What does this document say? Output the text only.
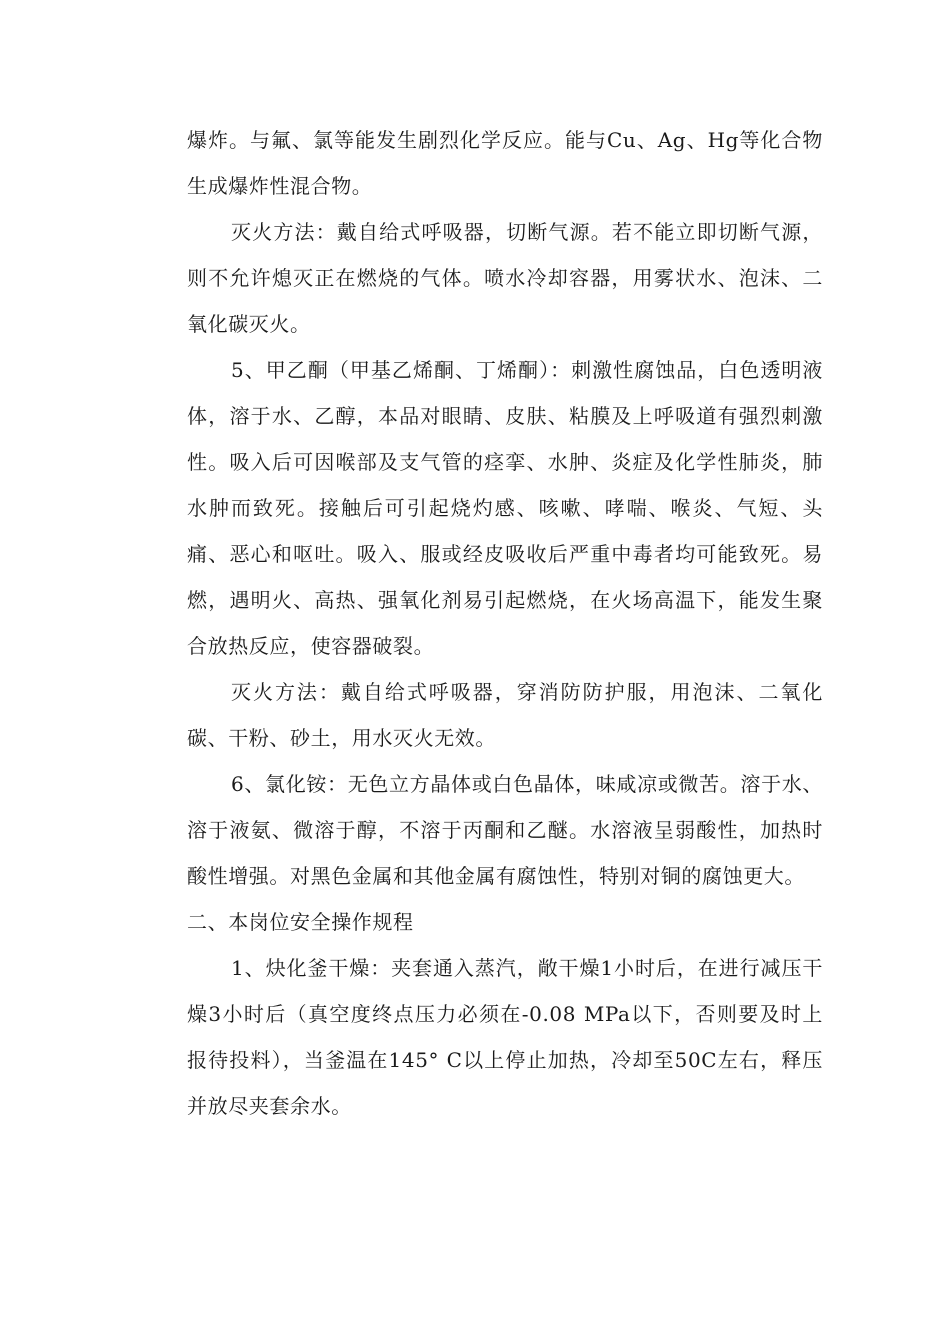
爆炸。与氟、氯等能发生剧烈化学反应。能与Cu、Ag、Hg等化合物生成爆炸性混合物。

灭火方法：戴自给式呼吸器，切断气源。若不能立即切断气源，则不允许熄灭正在燃烧的气体。喷水冷却容器，用雾状水、泡沫、二氧化碳灭火。

5、甲乙酮（甲基乙烯酮、丁烯酮）：刺激性腐蚀品，白色透明液体，溶于水、乙醇，本品对眼睛、皮肤、粘膜及上呼吸道有强烈刺激性。吸入后可因喉部及支气管的痉挛、水肿、炎症及化学性肺炎，肺水肿而致死。接触后可引起烧灼感、咳嗽、哮喘、喉炎、气短、头痛、恶心和呕吐。吸入、服或经皮吸收后严重中毒者均可能致死。易燃，遇明火、高热、强氧化剂易引起燃烧，在火场高温下，能发生聚合放热反应，使容器破裂。

灭火方法：戴自给式呼吸器，穿消防防护服，用泡沫、二氧化碳、干粉、砂土，用水灭火无效。

6、氯化铵：无色立方晶体或白色晶体，味咸凉或微苦。溶于水、溶于液氨、微溶于醇，不溶于丙酮和乙醚。水溶液呈弱酸性，加热时酸性增强。对黑色金属和其他金属有腐蚀性，特别对铜的腐蚀更大。

二、本岗位安全操作规程

1、炔化釜干燥：夹套通入蒸汽，敞干燥1小时后，在进行减压干燥3小时后（真空度终点压力必须在-0.08 MPa以下，否则要及时上报待投料），当釜温在145° C以上停止加热，冷却至50C左右，释压并放尽夹套余水。
